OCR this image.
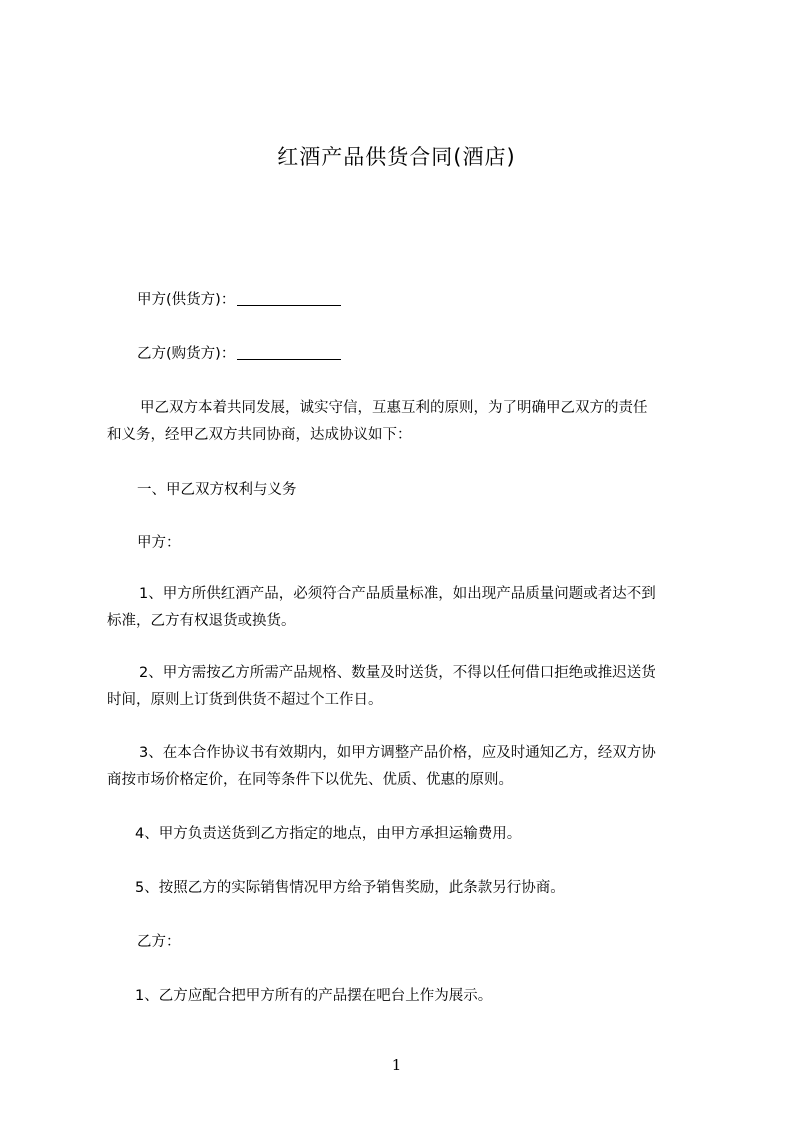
红酒产品供货合同(酒店)
甲方(供货方)：
乙方(购货方)：
甲乙双方本着共同发展，诚实守信，互惠互利的原则，为了明确甲乙双方的责任
和义务，经甲乙双方共同协商，达成协议如下：
一、甲乙双方权利与义务
甲方：
1、甲方所供红酒产品，必须符合产品质量标准，如出现产品质量问题或者达不到
标准，乙方有权退货或换货。
2、甲方需按乙方所需产品规格、数量及时送货，不得以任何借口拒绝或推迟送货
时间，原则上订货到供货不超过个工作日。
3、在本合作协议书有效期内，如甲方调整产品价格，应及时通知乙方，经双方协
商按市场价格定价，在同等条件下以优先、优质、优惠的原则。
4、甲方负责送货到乙方指定的地点，由甲方承担运输费用。
5、按照乙方的实际销售情况甲方给予销售奖励，此条款另行协商。
乙方：
1、乙方应配合把甲方所有的产品摆在吧台上作为展示。
1
